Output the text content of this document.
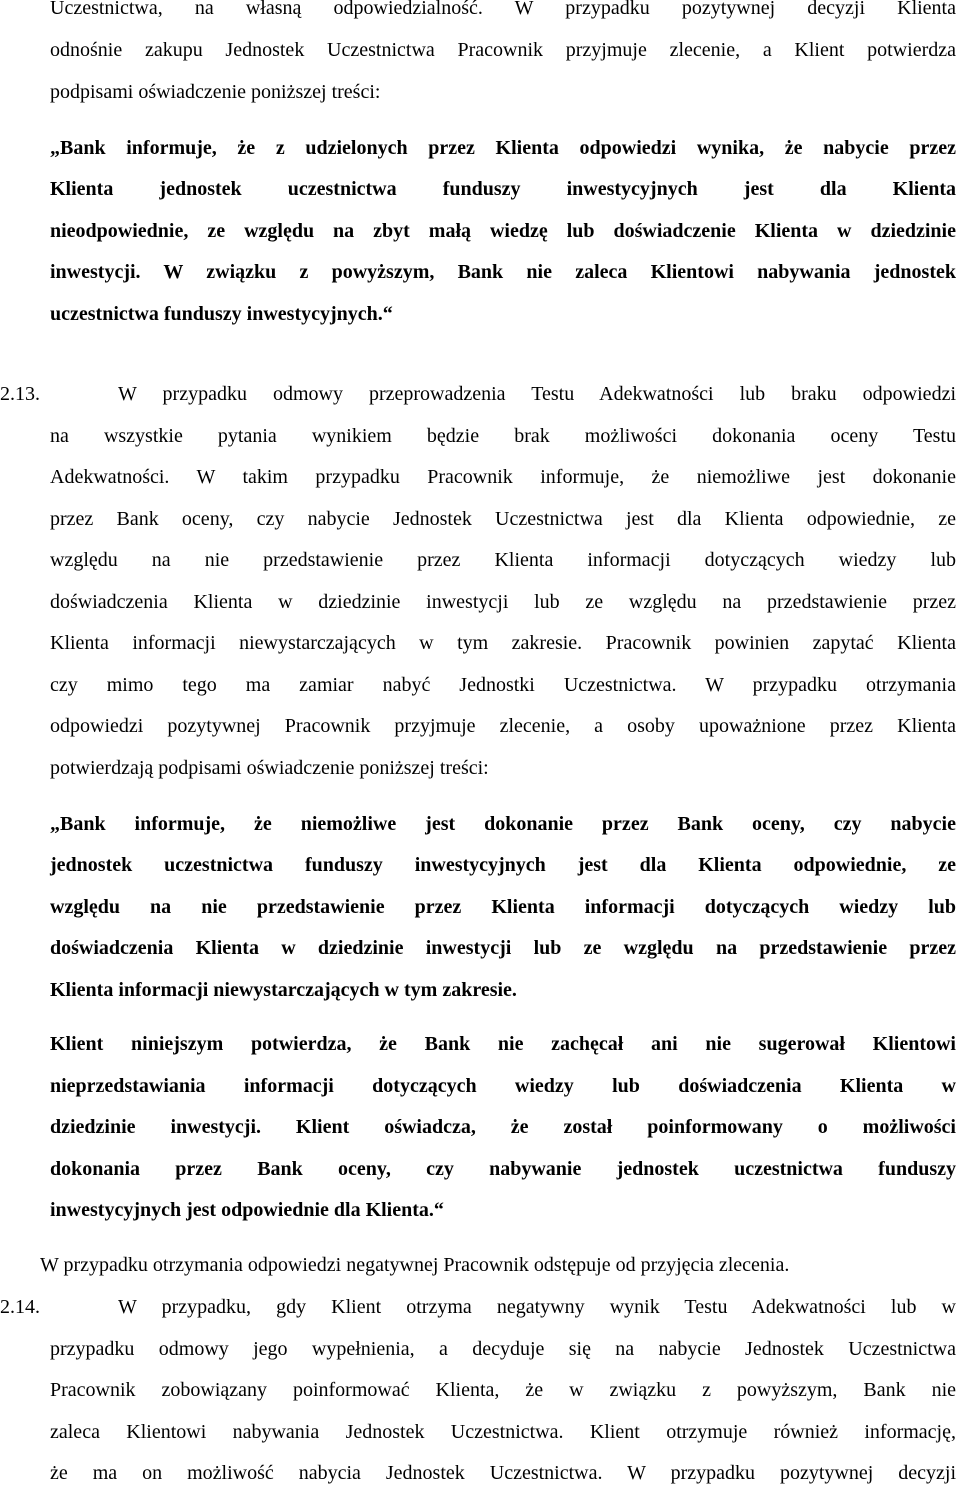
Uczestnictwa, na własną odpowiedzialność. W przypadku pozytywnej decyzji Klienta
odnośnie zakupu Jednostek Uczestnictwa Pracownik przyjmuje zlecenie, a Klient potwierdza
podpisami oświadczenie poniższej treści:
„Bank informuje, że z udzielonych przez Klienta odpowiedzi wynika, że nabycie przez
Klienta jednostek uczestnictwa funduszy inwestycyjnych jest dla Klienta
nieodpowiednie, ze względu na zbyt małą wiedzę lub doświadczenie Klienta w dziedzinie
inwestycji. W związku z powyższym, Bank nie zaleca Klientowi nabywania jednostek
uczestnictwa funduszy inwestycyjnych.“
2.13.	W przypadku odmowy przeprowadzenia Testu Adekwatności lub braku odpowiedzi
na wszystkie pytania wynikiem będzie brak możliwości dokonania oceny Testu
Adekwatności. W takim przypadku Pracownik informuje, że niemożliwe jest dokonanie
przez Bank oceny, czy nabycie Jednostek Uczestnictwa jest dla Klienta odpowiednie, ze
względu na nie przedstawienie przez Klienta informacji dotyczących wiedzy lub
doświadczenia Klienta w dziedzinie inwestycji lub ze względu na przedstawienie przez
Klienta informacji niewystarczających w tym zakresie. Pracownik powinien zapytać Klienta
czy mimo tego ma zamiar nabyć Jednostki Uczestnictwa. W przypadku otrzymania
odpowiedzi pozytywnej Pracownik przyjmuje zlecenie, a osoby upoważnione przez Klienta
potwierdzają podpisami oświadczenie poniższej treści:
„Bank informuje, że niemożliwe jest dokonanie przez Bank oceny, czy nabycie
jednostek uczestnictwa funduszy inwestycyjnych jest dla Klienta odpowiednie, ze
względu na nie przedstawienie przez Klienta informacji dotyczących wiedzy lub
doświadczenia Klienta w dziedzinie inwestycji lub ze względu na przedstawienie przez
Klienta informacji niewystarczających w tym zakresie.
Klient niniejszym potwierdza, że Bank nie zachęcał ani nie sugerował Klientowi
nieprzedstawiania informacji dotyczących wiedzy lub doświadczenia Klienta w
dziedzinie inwestycji. Klient oświadcza, że został poinformowany o możliwości
dokonania przez Bank oceny, czy nabywanie jednostek uczestnictwa funduszy
inwestycyjnych jest odpowiednie dla Klienta.“
W przypadku otrzymania odpowiedzi negatywnej Pracownik odstępuje od przyjęcia zlecenia.
2.14.	W przypadku, gdy Klient otrzyma negatywny wynik Testu Adekwatności lub w
przypadku odmowy jego wypełnienia, a decyduje się na nabycie Jednostek Uczestnictwa
Pracownik zobowiązany poinformować Klienta, że w związku z powyższym, Bank nie
zaleca Klientowi nabywania Jednostek Uczestnictwa. Klient otrzymuje również informację,
że ma on możliwość nabycia Jednostek Uczestnictwa. W przypadku pozytywnej decyzji
